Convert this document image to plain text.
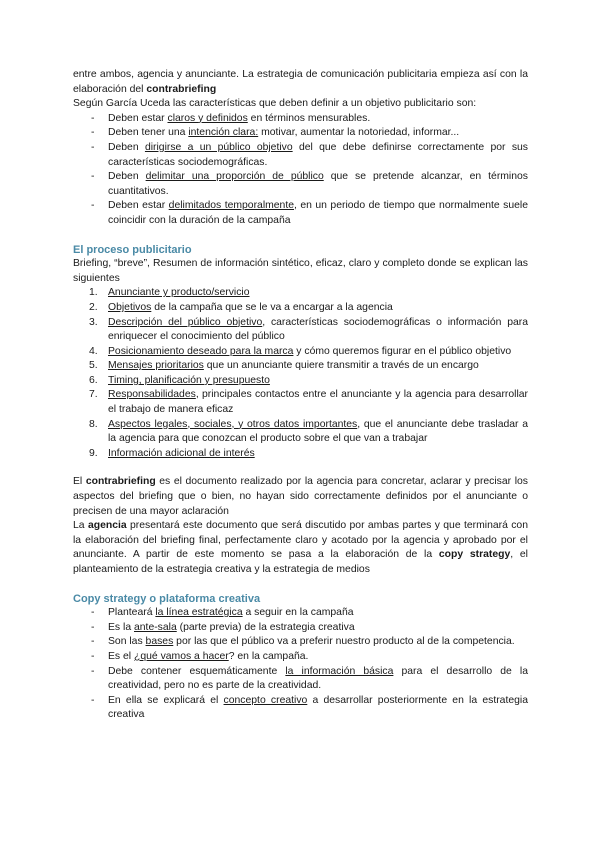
entre ambos, agencia y anunciante. La estrategia de comunicación publicitaria empieza así con la elaboración del contrabriefing

Según García Uceda las características que deben definir a un objetivo publicitario son:

- Deben estar claros y definidos en términos mensurables.
- Deben tener una intención clara: motivar, aumentar la notoriedad, informar...
- Deben dirigirse a un público objetivo del que debe definirse correctamente por sus características sociodemográficas.
- Deben delimitar una proporción de público que se pretende alcanzar, en términos cuantitativos.
- Deben estar delimitados temporalmente, en un periodo de tiempo que normalmente suele coincidir con la duración de la campaña
El proceso publicitario

Briefing, “breve”, Resumen de información sintético, eficaz, claro y completo donde se explican las siguientes

1. Anunciante y producto/servicio
2. Objetivos de la campaña que se le va a encargar a la agencia
3. Descripción del público objetivo, características sociodemográficas o información para enriquecer el conocimiento del público
4. Posicionamiento deseado para la marca y cómo queremos figurar en el público objetivo
5. Mensajes prioritarios que un anunciante quiere transmitir a través de un encargo
6. Timing, planificación y presupuesto
7. Responsabilidades, principales contactos entre el anunciante y la agencia para desarrollar el trabajo de manera eficaz
8. Aspectos legales, sociales, y otros datos importantes, que el anunciante debe trasladar a la agencia para que conozcan el producto sobre el que van a trabajar
9. Información adicional de interés

El contrabriefing es el documento realizado por la agencia para concretar, aclarar y precisar los aspectos del briefing que o bien, no hayan sido correctamente definidos por el anunciante o precisen de una mayor aclaración

La agencia presentará este documento que será discutido por ambas partes y que terminará con la elaboración del briefing final, perfectamente claro y acotado por la agencia y aprobado por el anunciante. A partir de este momento se pasa a la elaboración de la copy strategy, el planteamiento de la estrategia creativa y la estrategia de medios

Copy strategy o plataforma creativa
- Planteará la línea estratégica a seguir en la campaña
- Es la ante-sala (parte previa) de la estrategia creativa
- Son las bases por las que el público va a preferir nuestro producto al de la competencia.
- Es el ¿qué vamos a hacer? en la campaña.
- Debe contener esquemáticamente la información básica para el desarrollo de la creatividad, pero no es parte de la creatividad.
- En ella se explicará el concepto creativo a desarrollar posteriormente en la estrategia creativa
